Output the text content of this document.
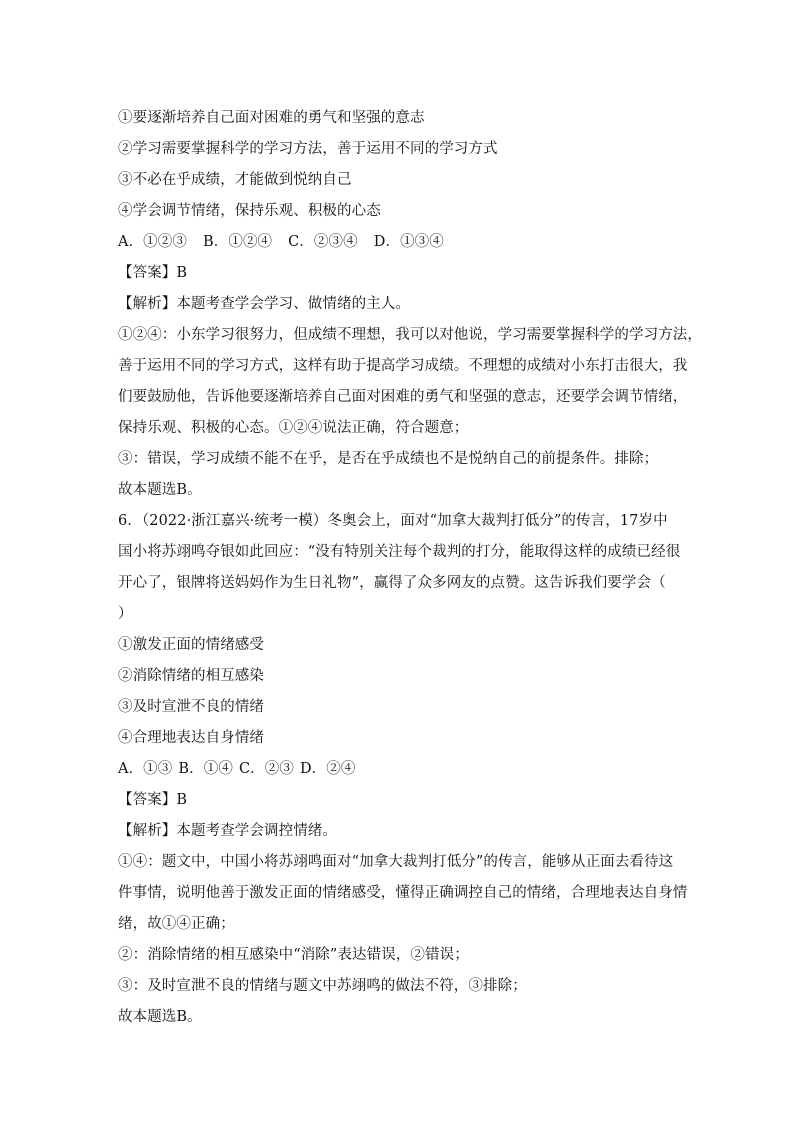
①要逐渐培养自己面对困难的勇气和坚强的意志
②学习需要掌握科学的学习方法，善于运用不同的学习方式
③不必在乎成绩，才能做到悦纳自己
④学会调节情绪，保持乐观、积极的心态
A．①②③ B．①②④ C．②③④ D．①③④
【答案】B
【解析】本题考查学会学习、做情绪的主人。
①②④：小东学习很努力，但成绩不理想，我可以对他说，学习需要掌握科学的学习方法，
善于运用不同的学习方式，这样有助于提高学习成绩。不理想的成绩对小东打击很大，我
们要鼓励他，告诉他要逐渐培养自己面对困难的勇气和坚强的意志，还要学会调节情绪，
保持乐观、积极的心态。①②④说法正确，符合题意；
③：错误，学习成绩不能不在乎，是否在乎成绩也不是悦纳自己的前提条件。排除；
故本题选B。
6．（2022·浙江嘉兴·统考一模）冬奥会上，面对“加拿大裁判打低分”的传言，17岁中
国小将苏翊鸣夺银如此回应：“没有特别关注每个裁判的打分，能取得这样的成绩已经很
开心了，银牌将送妈妈作为生日礼物”，赢得了众多网友的点赞。这告诉我们要学会（
）
①激发正面的情绪感受
②消除情绪的相互感染
③及时宣泄不良的情绪
④合理地表达自身情绪
A．①③ B．①④ C．②③ D．②④
【答案】B
【解析】本题考查学会调控情绪。
①④：题文中，中国小将苏翊鸣面对“加拿大裁判打低分”的传言，能够从正面去看待这
件事情，说明他善于激发正面的情绪感受，懂得正确调控自己的情绪，合理地表达自身情
绪，故①④正确；
②：消除情绪的相互感染中“消除”表达错误，②错误；
③：及时宣泄不良的情绪与题文中苏翊鸣的做法不符，③排除；
故本题选B。
